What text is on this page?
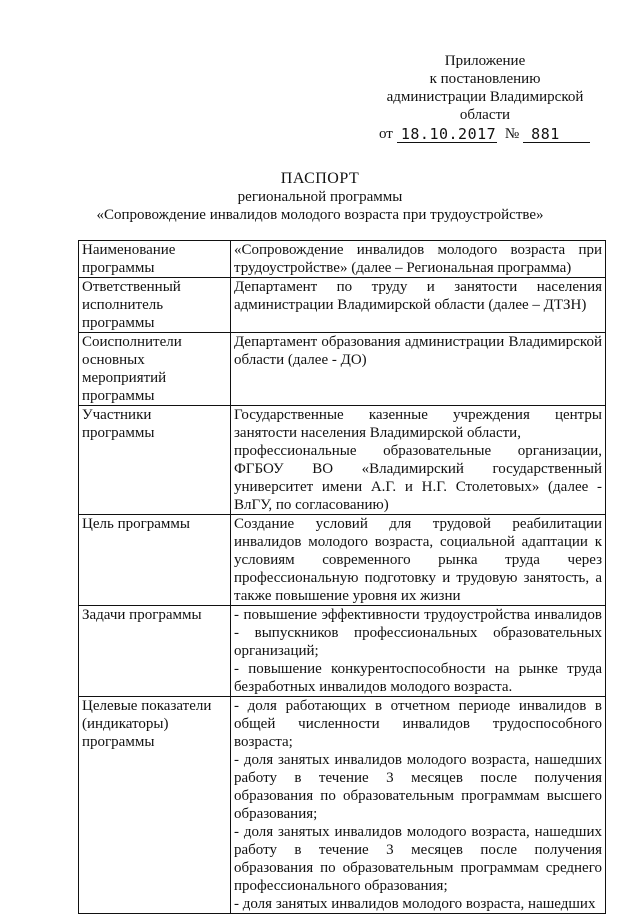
Приложение
к постановлению
администрации Владимирской
области
от 18.10.2017 № 881
ПАСПОРТ
региональной программы
«Сопровождение инвалидов молодого возраста при трудоустройстве»
Наименование программы	«Сопровождение инвалидов молодого возраста при трудоустройстве» (далее – Региональная программа)

Ответственный исполнитель программы	Департамент по труду и занятости населения администрации Владимирской области (далее – ДТЗН)

Соисполнители основных мероприятий программы	Департамент образования администрации Владимирской области (далее - ДО)

Участники программы	Государственные казенные учреждения центры занятости населения Владимирской области,
профессиональные образовательные организации, ФГБОУ ВО «Владимирский государственный университет имени А.Г. и Н.Г. Столетовых» (далее - ВлГУ, по согласованию)

Цель программы	Создание условий для трудовой реабилитации инвалидов молодого возраста, социальной адаптации к условиям современного рынка труда через профессиональную подготовку и трудовую занятость, а также повышение уровня их жизни

Задачи программы	- повышение эффективности трудоустройства инвалидов - выпускников профессиональных образовательных организаций;
- повышение конкурентоспособности на рынке труда безработных инвалидов молодого возраста.

Целевые показатели (индикаторы) программы	- доля работающих в отчетном периоде инвалидов в общей численности инвалидов трудоспособного возраста;
- доля занятых инвалидов молодого возраста, нашедших работу в течение 3 месяцев после получения образования по образовательным программам высшего образования;
- доля занятых инвалидов молодого возраста, нашедших работу в течение 3 месяцев после получения образования по образовательным программам среднего профессионального образования;
- доля занятых инвалидов молодого возраста, нашедших
